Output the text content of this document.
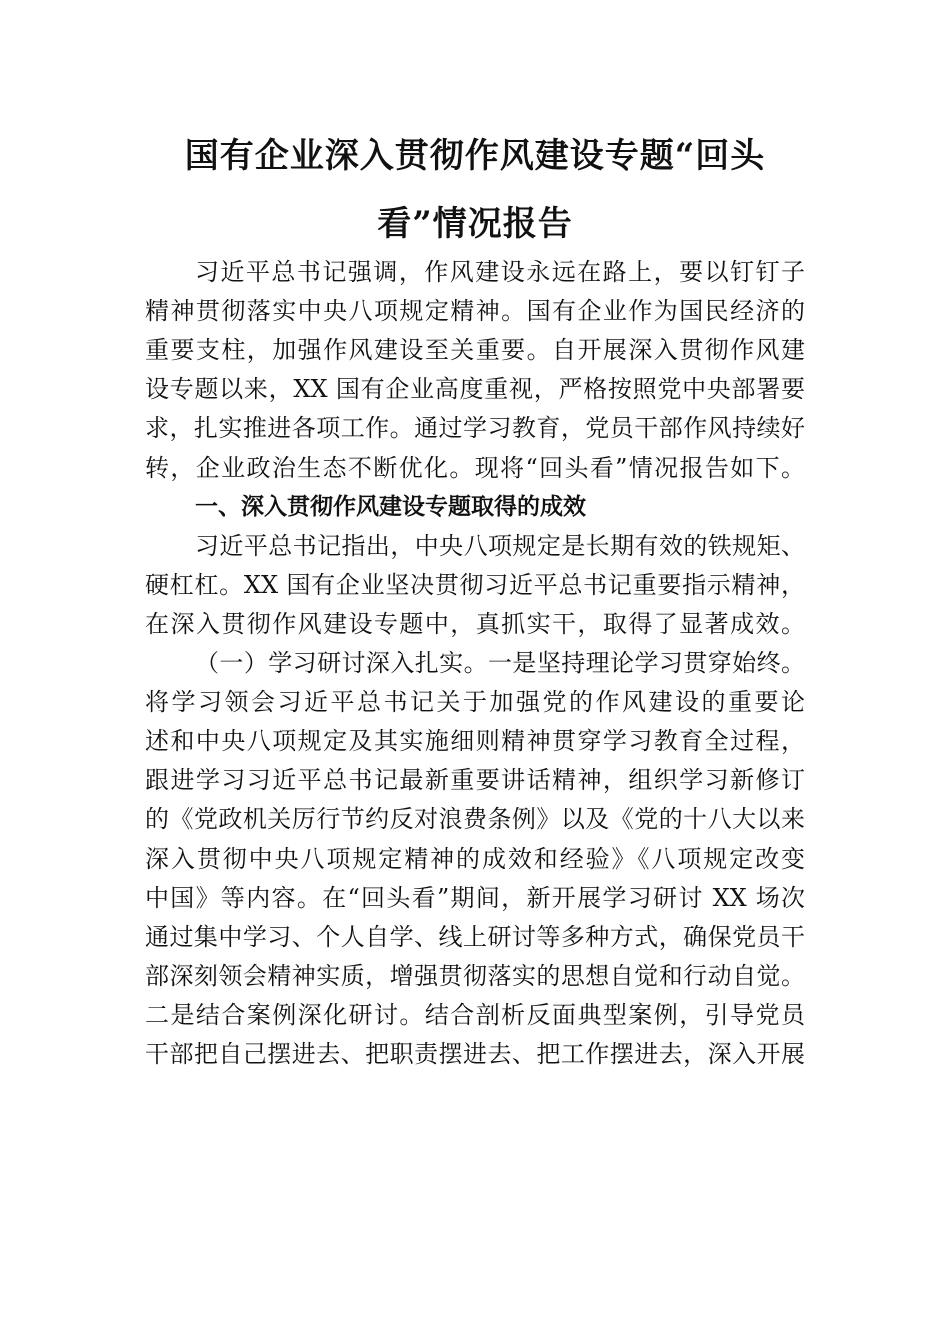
国有企业深入贯彻作风建设专题“回头
看”情况报告
习近平总书记强调，作风建设永远在路上，要以钉钉子
精神贯彻落实中央八项规定精神。国有企业作为国民经济的
重要支柱，加强作风建设至关重要。自开展深入贯彻作风建
设专题以来，XX 国有企业高度重视，严格按照党中央部署要
求，扎实推进各项工作。通过学习教育，党员干部作风持续好
转，企业政治生态不断优化。现将“回头看”情况报告如下。
一、深入贯彻作风建设专题取得的成效
习近平总书记指出，中央八项规定是长期有效的铁规矩、
硬杠杠。XX 国有企业坚决贯彻习近平总书记重要指示精神，
在深入贯彻作风建设专题中，真抓实干，取得了显著成效。
（一）学习研讨深入扎实。一是坚持理论学习贯穿始终。
将学习领会习近平总书记关于加强党的作风建设的重要论
述和中央八项规定及其实施细则精神贯穿学习教育全过程，
跟进学习习近平总书记最新重要讲话精神，组织学习新修订
的《党政机关厉行节约反对浪费条例》以及《党的十八大以来
深入贯彻中央八项规定精神的成效和经验》《八项规定改变
中国》等内容。在“回头看”期间，新开展学习研讨 XX 场次
通过集中学习、个人自学、线上研讨等多种方式，确保党员干
部深刻领会精神实质，增强贯彻落实的思想自觉和行动自觉。
二是结合案例深化研讨。结合剖析反面典型案例，引导党员
干部把自己摆进去、把职责摆进去、把工作摆进去，深入开展
